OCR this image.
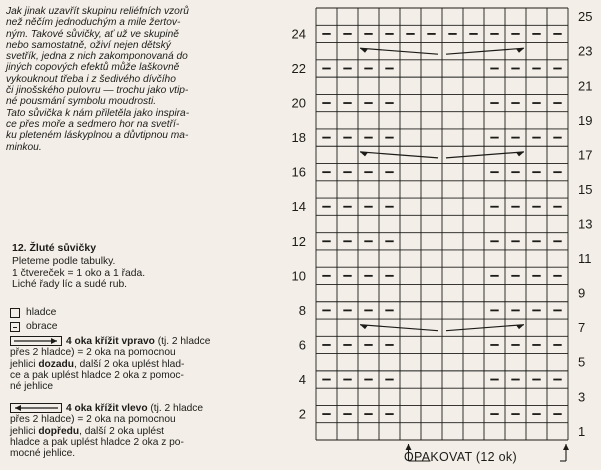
Jak jinak uzavřít skupinu reliéfních vzorů
než něčím jednoduchým a mile žertov-
ným. Takové sůvičky, ať už ve skupině
nebo samostatně, oživí nejen dětský
svetřík, jedna z nich zakomponovaná do
jiných copových efektů může laškovně
vykouknout třeba i z šedivého dívčího
či jinošského pulovru — trochu jako vtip-
né pousmání symbolu moudrosti.
Tato sůvička k nám přiletěla jako inspira-
ce přes moře a sedmero hor na svetří-
ku pleteném láskyplnou a důvtipnou ma-
minkou.

12. Žluté sůvičky
Pleteme podle tabulky.
1 čtvereček = 1 oko a 1 řada.
Liché řady líc a sudé rub.
hladce
obrace
4 oka křížit vpravo (tj. 2 hladce
přes 2 hladce) = 2 oka na pomocnou
jehlici dozadu, další 2 oka uplést hlad-
ce a pak uplést hladce 2 oka z pomoc-
né jehlice
4 oka křížit vlevo (tj. 2 hladce
přes 2 hladce) = 2 oka na pomocnou
jehlici dopředu, další 2 oka uplést
hladce a pak uplést hladce 2 oka z po-
mocné jehlice.
25
23
21
19
17
15
13
11
9
7
5
3
1
24
22
20
18
16
14
12
10
8
6
4
2
OPAKOVAT (12 ok)
